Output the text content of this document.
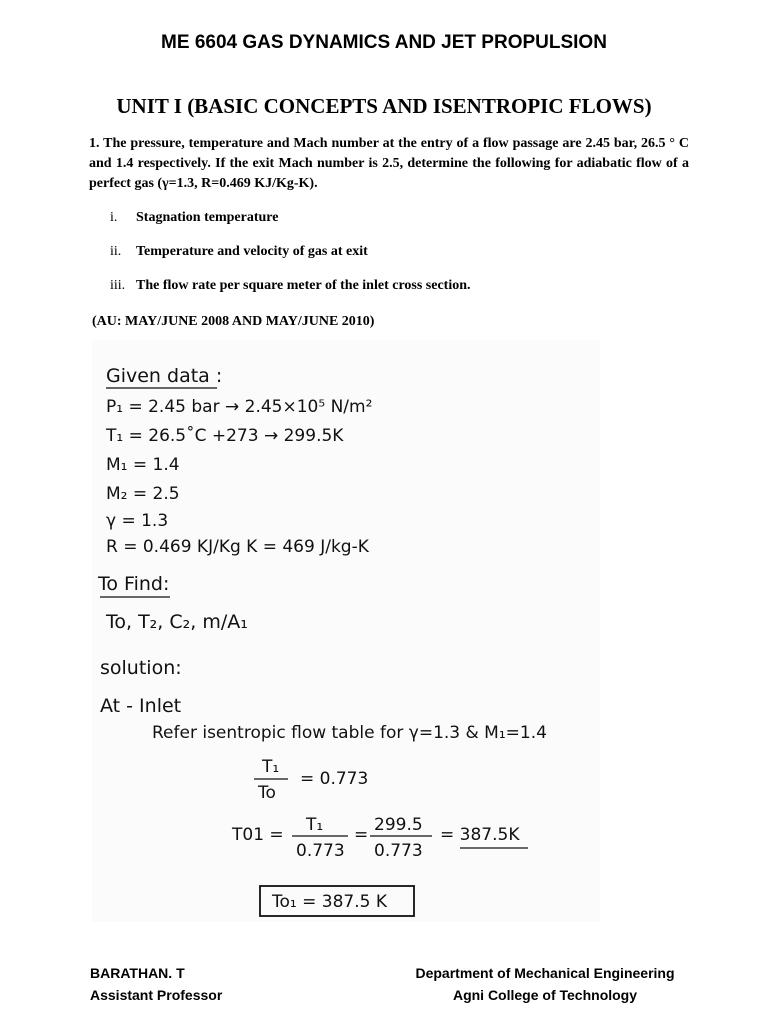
ME 6604 GAS DYNAMICS AND JET PROPULSION
UNIT I (BASIC CONCEPTS AND ISENTROPIC FLOWS)
1. The pressure, temperature and Mach number at the entry of a flow passage are 2.45 bar, 26.5 ° C and 1.4 respectively. If the exit Mach number is 2.5, determine the following for adiabatic flow of a perfect gas (γ=1.3, R=0.469 KJ/Kg-K).
i.	Stagnation temperature
ii.	Temperature and velocity of gas at exit
iii. The flow rate per square meter of the inlet cross section.
(AU: MAY/JUNE 2008 AND MAY/JUNE 2010)
Given data :
P₁ = 2.45 bar → 2.45×10⁵ N/m²
T₁ = 26.5˚C +273 → 299.5K
M₁ = 1.4
M₂ = 2.5
γ = 1.3
R = 0.469 KJ/Kg K = 469 J/kg-K
To Find:
To, T₂, C₂, m/A₁
solution:
At - Inlet
Refer isentropic flow table for γ=1.3 & M₁=1.4
T₁
To
= 0.773
T01 = T₁
0.773
= 299.5
0.773
= 387.5K
To₁ = 387.5 K
BARATHAN. T
Assistant Professor
Department of Mechanical Engineering
Agni College of Technology
